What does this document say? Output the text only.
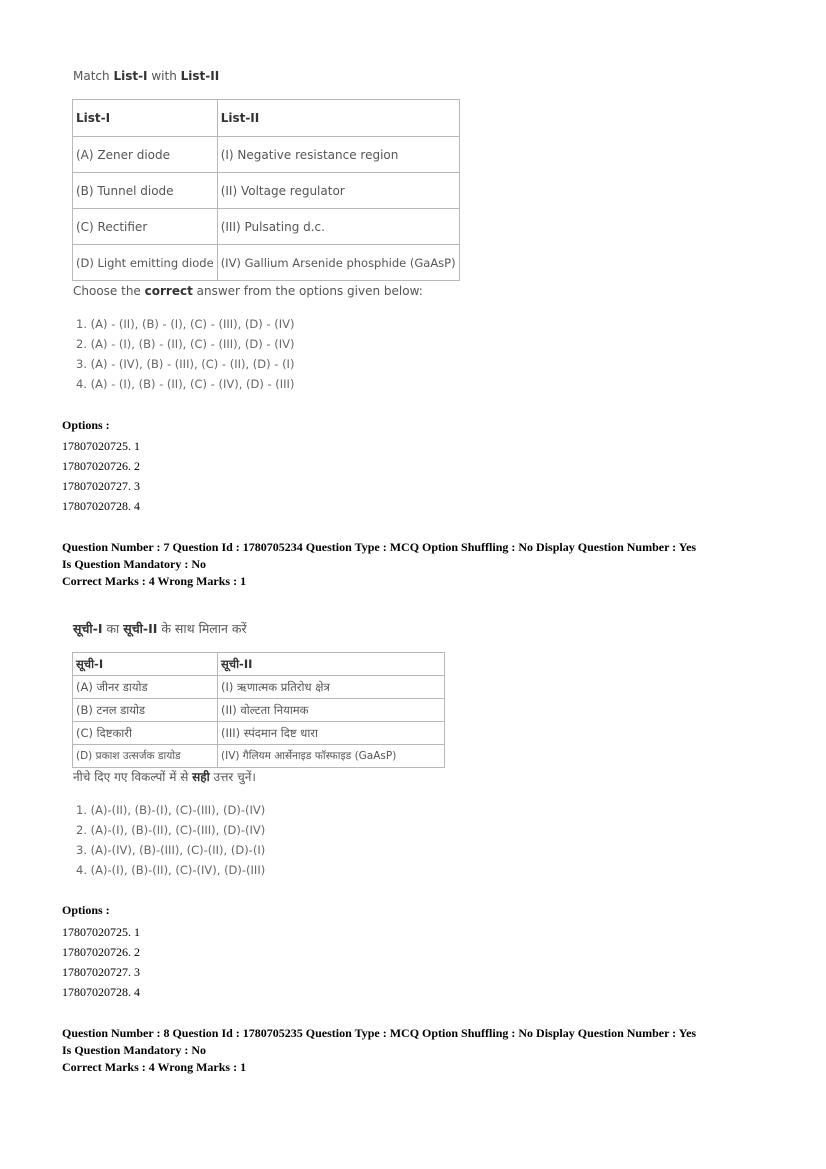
Match List-I with List-II
List-I	List-II
(A) Zener diode	(I) Negative resistance region
(B) Tunnel diode	(II) Voltage regulator
(C) Rectifier	(III) Pulsating d.c.
(D) Light emitting diode	(IV) Gallium Arsenide phosphide (GaAsP)
Choose the correct answer from the options given below:
1. (A) - (II), (B) - (I), (C) - (III), (D) - (IV)
2. (A) - (I), (B) - (II), (C) - (III), (D) - (IV)
3. (A) - (IV), (B) - (III), (C) - (II), (D) - (I)
4. (A) - (I), (B) - (II), (C) - (IV), (D) - (III)
Options :
17807020725. 1
17807020726. 2
17807020727. 3
17807020728. 4
Question Number : 7 Question Id : 1780705234 Question Type : MCQ Option Shuffling : No Display Question Number : Yes
Is Question Mandatory : No
Correct Marks : 4 Wrong Marks : 1
सूची-I का सूची-II के साथ मिलान करें
सूची-I	सूची-II
(A) जीनर डायोड	(I) ऋणात्मक प्रतिरोध क्षेत्र
(B) टनल डायोड	(II) वोल्टता नियामक
(C) दिष्टकारी	(III) स्पंदमान दिष्ट धारा
(D) प्रकाश उत्सर्जक डायोड	(IV) गैलियम आर्सेनाइड फॉस्फाइड (GaAsP)
नीचे दिए गए विकल्पों में से सही उत्तर चुनें।
1. (A)-(II), (B)-(I), (C)-(III), (D)-(IV)
2. (A)-(I), (B)-(II), (C)-(III), (D)-(IV)
3. (A)-(IV), (B)-(III), (C)-(II), (D)-(I)
4. (A)-(I), (B)-(II), (C)-(IV), (D)-(III)
Options :
17807020725. 1
17807020726. 2
17807020727. 3
17807020728. 4
Question Number : 8 Question Id : 1780705235 Question Type : MCQ Option Shuffling : No Display Question Number : Yes
Is Question Mandatory : No
Correct Marks : 4 Wrong Marks : 1
